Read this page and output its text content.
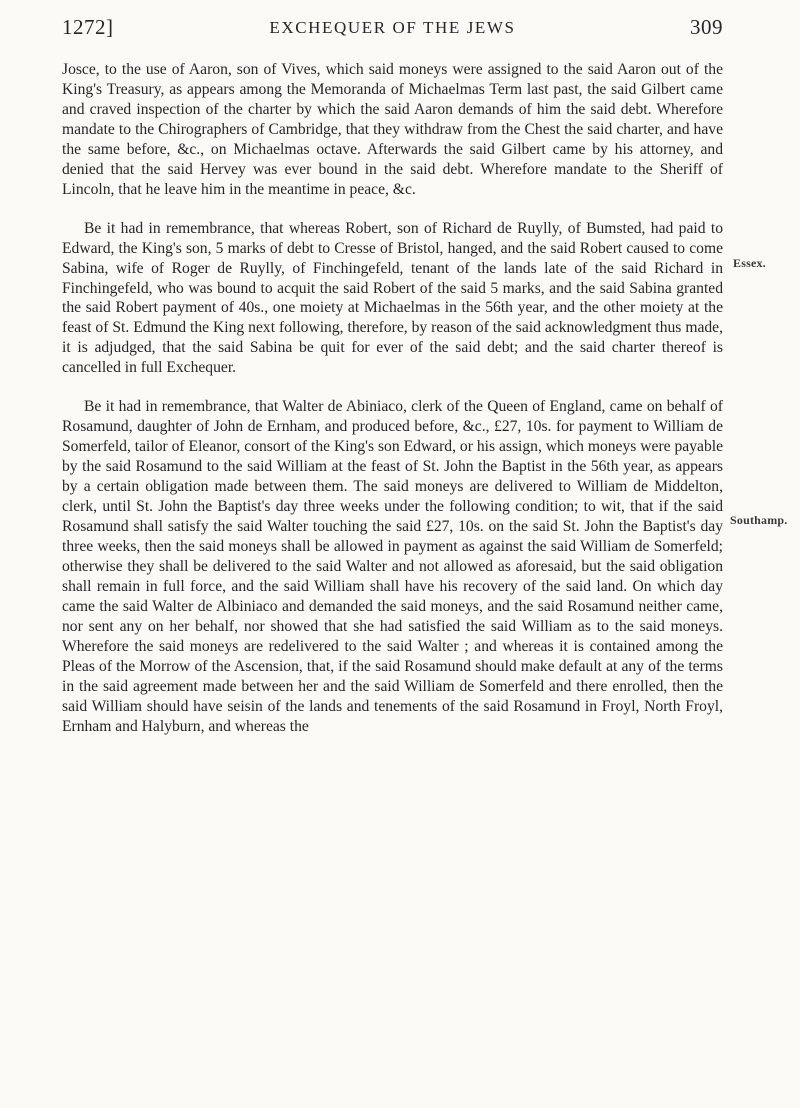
1272]	EXCHEQUER OF THE JEWS	309

Josce, to the use of Aaron, son of Vives, which said moneys were assigned to the said Aaron out of the King's Treasury, as appears among the Memoranda of Michaelmas Term last past, the said Gilbert came and craved inspection of the charter by which the said Aaron demands of him the said debt. Wherefore mandate to the Chirographers of Cambridge, that they withdraw from the Chest the said charter, and have the same before, &c., on Michaelmas octave. Afterwards the said Gilbert came by his attorney, and denied that the said Hervey was ever bound in the said debt. Wherefore mandate to the Sheriff of Lincoln, that he leave him in the meantime in peace, &c.

Be it had in remembrance, that whereas Robert, son of Richard de Ruylly, of Bumsted, had paid to Edward, the King's son, 5 marks of debt to Cresse of Bristol, hanged, and the said Robert caused to come Sabina, wife of Roger de Ruylly, of Finchingefeld, tenant of the lands late of the said Richard in Finchingefeld, who was bound to acquit the said Robert of the said 5 marks, and the said Sabina granted the said Robert payment of 40s., one moiety at Michaelmas in the 56th year, and the other moiety at the feast of St. Edmund the King next following, therefore, by reason of the said acknowledgment thus made, it is adjudged, that the said Sabina be quit for ever of the said debt; and the said charter thereof is cancelled in full Exchequer.

Be it had in remembrance, that Walter de Abiniaco, clerk of the Queen of England, came on behalf of Rosamund, daughter of John de Ernham, and produced before, &c., £27, 10s. for payment to William de Somerfeld, tailor of Eleanor, consort of the King's son Edward, or his assign, which moneys were payable by the said Rosamund to the said William at the feast of St. John the Baptist in the 56th year, as appears by a certain obligation made between them. The said moneys are delivered to William de Middelton, clerk, until St. John the Baptist's day three weeks under the following condition; to wit, that if the said Rosamund shall satisfy the said Walter touching the said £27, 10s. on the said St. John the Baptist's day three weeks, then the said moneys shall be allowed in payment as against the said William de Somerfeld; otherwise they shall be delivered to the said Walter and not allowed as aforesaid, but the said obligation shall remain in full force, and the said William shall have his recovery of the said land. On which day came the said Walter de Albiniaco and demanded the said moneys, and the said Rosamund neither came, nor sent any on her behalf, nor showed that she had satisfied the said William as to the said moneys. Wherefore the said moneys are redelivered to the said Walter ; and whereas it is contained among the Pleas of the Morrow of the Ascension, that, if the said Rosamund should make default at any of the terms in the said agreement made between her and the said William de Somerfeld and there enrolled, then the said William should have seisin of the lands and tenements of the said Rosamund in Froyl, North Froyl, Ernham and Halyburn, and whereas the

Essex.
Southamp.
